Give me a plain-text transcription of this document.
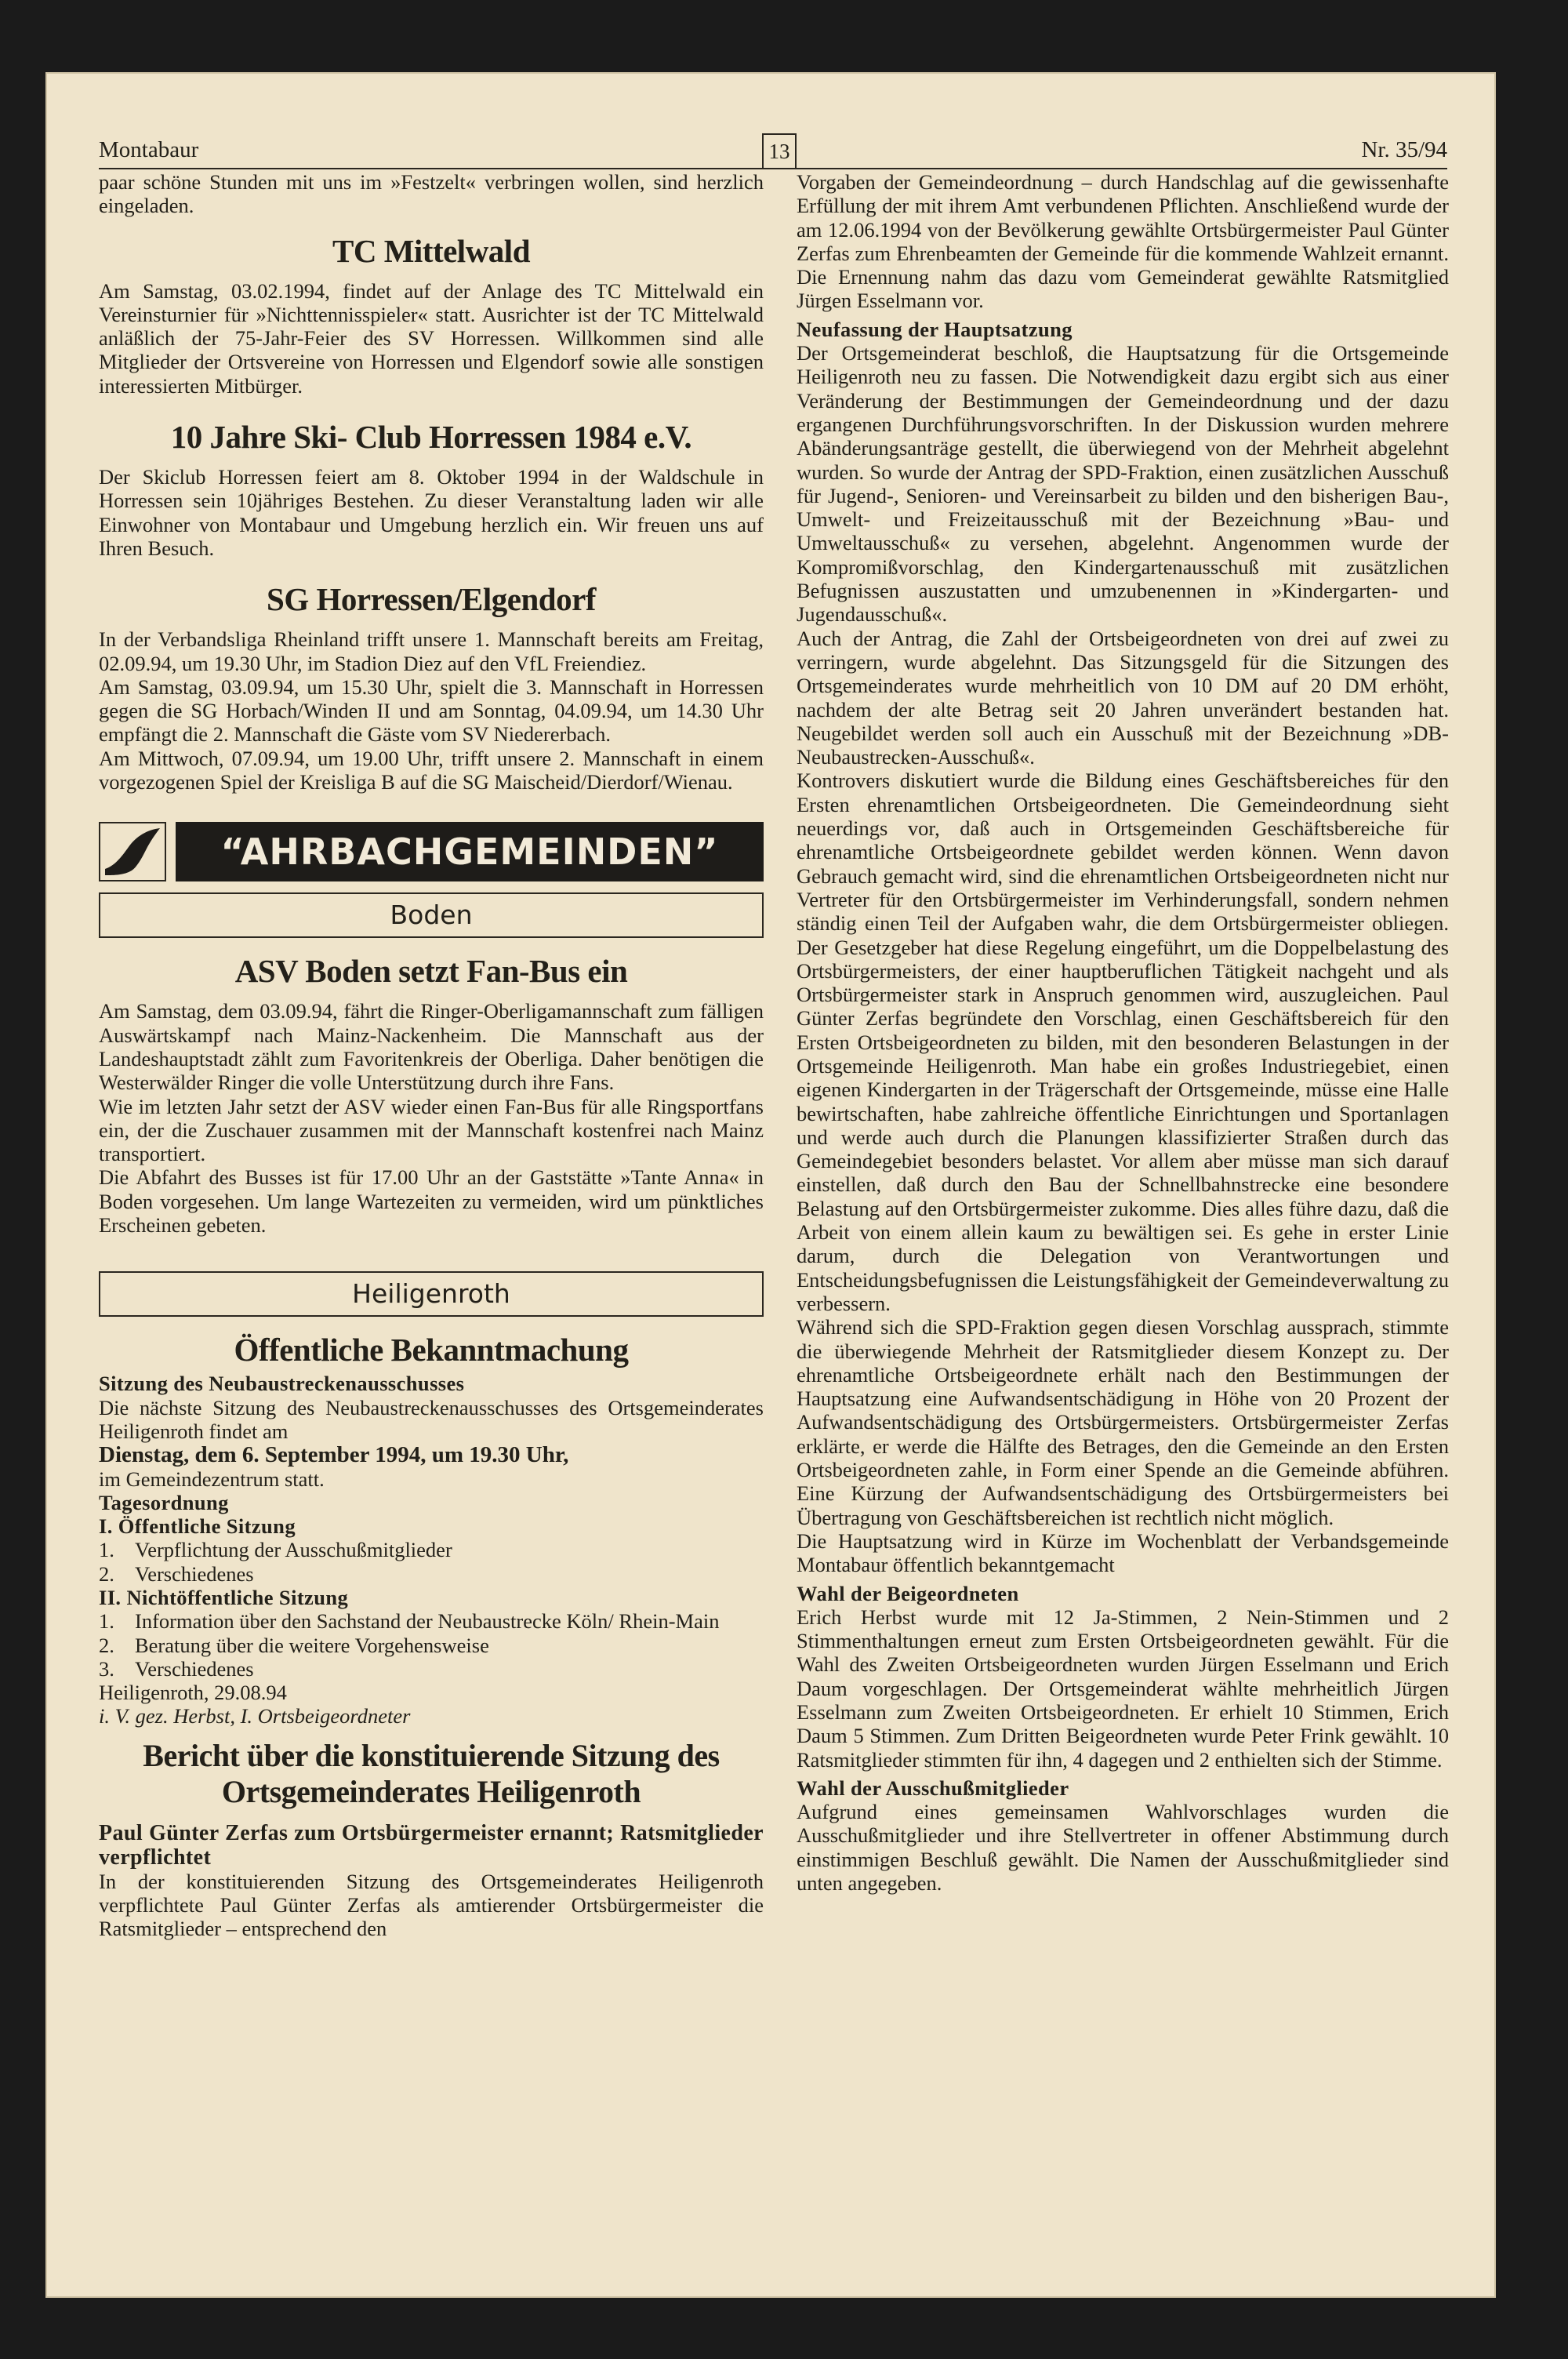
Montabaur	13	Nr. 35/94

paar schöne Stunden mit uns im »Festzelt« verbringen wollen, sind herzlich eingeladen.

TC Mittelwald

Am Samstag, 03.02.1994, findet auf der Anlage des TC Mittelwald ein Vereinsturnier für »Nichttennisspieler« statt. Ausrichter ist der TC Mittelwald anläßlich der 75-Jahr-Feier des SV Horressen. Willkommen sind alle Mitglieder der Ortsvereine von Horressen und Elgendorf sowie alle sonstigen interessierten Mitbürger.

10 Jahre Ski- Club Horressen 1984 e.V.

Der Skiclub Horressen feiert am 8. Oktober 1994 in der Waldschule in Horressen sein 10jähriges Bestehen. Zu dieser Veranstaltung laden wir alle Einwohner von Montabaur und Umgebung herzlich ein. Wir freuen uns auf Ihren Besuch.

SG Horressen/Elgendorf

In der Verbandsliga Rheinland trifft unsere 1. Mannschaft bereits am Freitag, 02.09.94, um 19.30 Uhr, im Stadion Diez auf den VfL Freiendiez.

Am Samstag, 03.09.94, um 15.30 Uhr, spielt die 3. Mannschaft in Horressen gegen die SG Horbach/Winden II und am Sonntag, 04.09.94, um 14.30 Uhr empfängt die 2. Mannschaft die Gäste vom SV Niedererbach.

Am Mittwoch, 07.09.94, um 19.00 Uhr, trifft unsere 2. Mannschaft in einem vorgezogenen Spiel der Kreisliga B auf die SG Maischeid/Dierdorf/Wienau.

“AHRBACHGEMEINDEN”
Boden
ASV Boden setzt Fan-Bus ein

Am Samstag, dem 03.09.94, fährt die Ringer-Oberligamannschaft zum fälligen Auswärtskampf nach Mainz-Nackenheim. Die Mannschaft aus der Landeshauptstadt zählt zum Favoritenkreis der Oberliga. Daher benötigen die Westerwälder Ringer die volle Unterstützung durch ihre Fans.

Wie im letzten Jahr setzt der ASV wieder einen Fan-Bus für alle Ringsportfans ein, der die Zuschauer zusammen mit der Mannschaft kostenfrei nach Mainz transportiert.

Die Abfahrt des Busses ist für 17.00 Uhr an der Gaststätte »Tante Anna« in Boden vorgesehen. Um lange Wartezeiten zu vermeiden, wird um pünktliches Erscheinen gebeten.

Heiligenroth
Öffentliche Bekanntmachung

Sitzung des Neubaustreckenausschusses

Die nächste Sitzung des Neubaustreckenausschusses des Ortsgemeinderates Heiligenroth findet am

Dienstag, dem 6. September 1994, um 19.30 Uhr,

im Gemeindezentrum statt.

Tagesordnung

I. Öffentliche Sitzung

1. Verpflichtung der Ausschußmitglieder
2. Verschiedenes

II. Nichtöffentliche Sitzung

1. Information über den Sachstand der Neubaustrecke Köln/ Rhein-Main
2. Beratung über die weitere Vorgehensweise
3. Verschiedenes

Heiligenroth, 29.08.94

i. V. gez. Herbst, I. Ortsbeigeordneter

Bericht über die konstituierende Sitzung des Ortsgemeinderates Heiligenroth

Paul Günter Zerfas zum Ortsbürgermeister ernannt; Ratsmitglieder verpflichtet

In der konstituierenden Sitzung des Ortsgemeinderates Heiligenroth verpflichtete Paul Günter Zerfas als amtierender Ortsbürgermeister die Ratsmitglieder – entsprechend den

Vorgaben der Gemeindeordnung – durch Handschlag auf die gewissenhafte Erfüllung der mit ihrem Amt verbundenen Pflichten. Anschließend wurde der am 12.06.1994 von der Bevölkerung gewählte Ortsbürgermeister Paul Günter Zerfas zum Ehrenbeamten der Gemeinde für die kommende Wahlzeit ernannt. Die Ernennung nahm das dazu vom Gemeinderat gewählte Ratsmitglied Jürgen Esselmann vor.

Neufassung der Hauptsatzung

Der Ortsgemeinderat beschloß, die Hauptsatzung für die Ortsgemeinde Heiligenroth neu zu fassen. Die Notwendigkeit dazu ergibt sich aus einer Veränderung der Bestimmungen der Gemeindeordnung und der dazu ergangenen Durchführungsvorschriften. In der Diskussion wurden mehrere Abänderungsanträge gestellt, die überwiegend von der Mehrheit abgelehnt wurden. So wurde der Antrag der SPD-Fraktion, einen zusätzlichen Ausschuß für Jugend-, Senioren- und Vereinsarbeit zu bilden und den bisherigen Bau-, Umwelt- und Freizeitausschuß mit der Bezeichnung »Bau- und Umweltausschuß« zu versehen, abgelehnt. Angenommen wurde der Kompromißvorschlag, den Kindergartenausschuß mit zusätzlichen Befugnissen auszustatten und umzubenennen in »Kindergarten- und Jugendausschuß«.

Auch der Antrag, die Zahl der Ortsbeigeordneten von drei auf zwei zu verringern, wurde abgelehnt. Das Sitzungsgeld für die Sitzungen des Ortsgemeinderates wurde mehrheitlich von 10 DM auf 20 DM erhöht, nachdem der alte Betrag seit 20 Jahren unverändert bestanden hat. Neugebildet werden soll auch ein Ausschuß mit der Bezeichnung »DB-Neubaustrecken-Ausschuß«.

Kontrovers diskutiert wurde die Bildung eines Geschäftsbereiches für den Ersten ehrenamtlichen Ortsbeigeordneten. Die Gemeindeordnung sieht neuerdings vor, daß auch in Ortsgemeinden Geschäftsbereiche für ehrenamtliche Ortsbeigeordnete gebildet werden können. Wenn davon Gebrauch gemacht wird, sind die ehrenamtlichen Ortsbeigeordneten nicht nur Vertreter für den Ortsbürgermeister im Verhinderungsfall, sondern nehmen ständig einen Teil der Aufgaben wahr, die dem Ortsbürgermeister obliegen. Der Gesetzgeber hat diese Regelung eingeführt, um die Doppelbelastung des Ortsbürgermeisters, der einer hauptberuflichen Tätigkeit nachgeht und als Ortsbürgermeister stark in Anspruch genommen wird, auszugleichen. Paul Günter Zerfas begründete den Vorschlag, einen Geschäftsbereich für den Ersten Ortsbeigeordneten zu bilden, mit den besonderen Belastungen in der Ortsgemeinde Heiligenroth. Man habe ein großes Industriegebiet, einen eigenen Kindergarten in der Trägerschaft der Ortsgemeinde, müsse eine Halle bewirtschaften, habe zahlreiche öffentliche Einrichtungen und Sportanlagen und werde auch durch die Planungen klassifizierter Straßen durch das Gemeindegebiet besonders belastet. Vor allem aber müsse man sich darauf einstellen, daß durch den Bau der Schnellbahnstrecke eine besondere Belastung auf den Ortsbürgermeister zukomme. Dies alles führe dazu, daß die Arbeit von einem allein kaum zu bewältigen sei. Es gehe in erster Linie darum, durch die Delegation von Verantwortungen und Entscheidungsbefugnissen die Leistungsfähigkeit der Gemeindeverwaltung zu verbessern.

Während sich die SPD-Fraktion gegen diesen Vorschlag aussprach, stimmte die überwiegende Mehrheit der Ratsmitglieder diesem Konzept zu. Der ehrenamtliche Ortsbeigeordnete erhält nach den Bestimmungen der Hauptsatzung eine Aufwandsentschädigung in Höhe von 20 Prozent der Aufwandsentschädigung des Ortsbürgermeisters. Ortsbürgermeister Zerfas erklärte, er werde die Hälfte des Betrages, den die Gemeinde an den Ersten Ortsbeigeordneten zahle, in Form einer Spende an die Gemeinde abführen. Eine Kürzung der Aufwandsentschädigung des Ortsbürgermeisters bei Übertragung von Geschäftsbereichen ist rechtlich nicht möglich.

Die Hauptsatzung wird in Kürze im Wochenblatt der Verbandsgemeinde Montabaur öffentlich bekanntgemacht

Wahl der Beigeordneten

Erich Herbst wurde mit 12 Ja-Stimmen, 2 Nein-Stimmen und 2 Stimmenthaltungen erneut zum Ersten Ortsbeigeordneten gewählt. Für die Wahl des Zweiten Ortsbeigeordneten wurden Jürgen Esselmann und Erich Daum vorgeschlagen. Der Ortsgemeinderat wählte mehrheitlich Jürgen Esselmann zum Zweiten Ortsbeigeordneten. Er erhielt 10 Stimmen, Erich Daum 5 Stimmen. Zum Dritten Beigeordneten wurde Peter Frink gewählt. 10 Ratsmitglieder stimmten für ihn, 4 dagegen und 2 enthielten sich der Stimme.

Wahl der Ausschußmitglieder

Aufgrund eines gemeinsamen Wahlvorschlages wurden die Ausschußmitglieder und ihre Stellvertreter in offener Abstimmung durch einstimmigen Beschluß gewählt. Die Namen der Ausschußmitglieder sind unten angegeben.
